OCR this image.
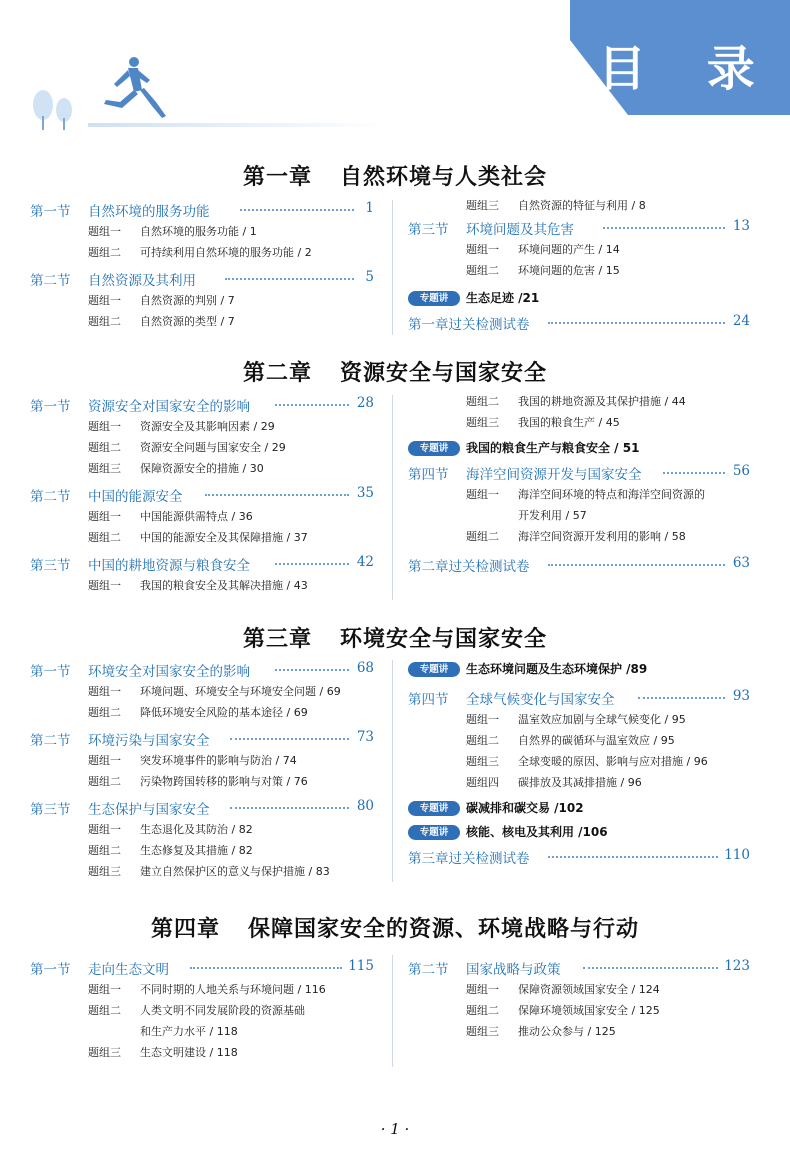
目 录
第一章 自然环境与人类社会
第一节 自然环境的服务功能	1
题组一 自然环境的服务功能 / 1
题组二 可持续利用自然环境的服务功能 / 2
第二节 自然资源及其利用	5
题组一 自然资源的判别 / 7
题组二 自然资源的类型 / 7
题组三 自然资源的特征与利用 / 8
第三节 环境问题及其危害	13
题组一 环境问题的产生 / 14
题组二 环境问题的危害 / 15
专题讲	生态足迹 /21
第一章过关检测试卷	24
第二章 资源安全与国家安全
第一节 资源安全对国家安全的影响	28
题组一 资源安全及其影响因素 / 29
题组二 资源安全问题与国家安全 / 29
题组三 保障资源安全的措施 / 30
第二节 中国的能源安全	35
题组一 中国能源供需特点 / 36
题组二 中国的能源安全及其保障措施 / 37
第三节 中国的耕地资源与粮食安全	42
题组一 我国的粮食安全及其解决措施 / 43
题组二 我国的耕地资源及其保护措施 / 44
题组三 我国的粮食生产 / 45
专题讲	我国的粮食生产与粮食安全 / 51
第四节 海洋空间资源开发与国家安全	56
题组一 海洋空间环境的特点和海洋空间资源的
开发利用 / 57
题组二 海洋空间资源开发利用的影响 / 58
第二章过关检测试卷	63
第三章 环境安全与国家安全
第一节 环境安全对国家安全的影响	68
题组一 环境问题、环境安全与环境安全问题 / 69
题组二 降低环境安全风险的基本途径 / 69
第二节 环境污染与国家安全	73
题组一 突发环境事件的影响与防治 / 74
题组二 污染物跨国转移的影响与对策 / 76
第三节 生态保护与国家安全	80
题组一 生态退化及其防治 / 82
题组二 生态修复及其措施 / 82
题组三 建立自然保护区的意义与保护措施 / 83
专题讲	生态环境问题及生态环境保护 /89
第四节 全球气候变化与国家安全	93
题组一 温室效应加剧与全球气候变化 / 95
题组二 自然界的碳循环与温室效应 / 95
题组三 全球变暖的原因、影响与应对措施 / 96
题组四 碳排放及其减排措施 / 96
专题讲	碳减排和碳交易 /102
专题讲	核能、核电及其利用 /106
第三章过关检测试卷	110
第四章 保障国家安全的资源、环境战略与行动
第一节 走向生态文明	115
题组一 不同时期的人地关系与环境问题 / 116
题组二 人类文明不同发展阶段的资源基础
和生产力水平 / 118
题组三 生态文明建设 / 118
第二节 国家战略与政策	123
题组一 保障资源领域国家安全 / 124
题组二 保障环境领域国家安全 / 125
题组三 推动公众参与 / 125
· 1 ·
